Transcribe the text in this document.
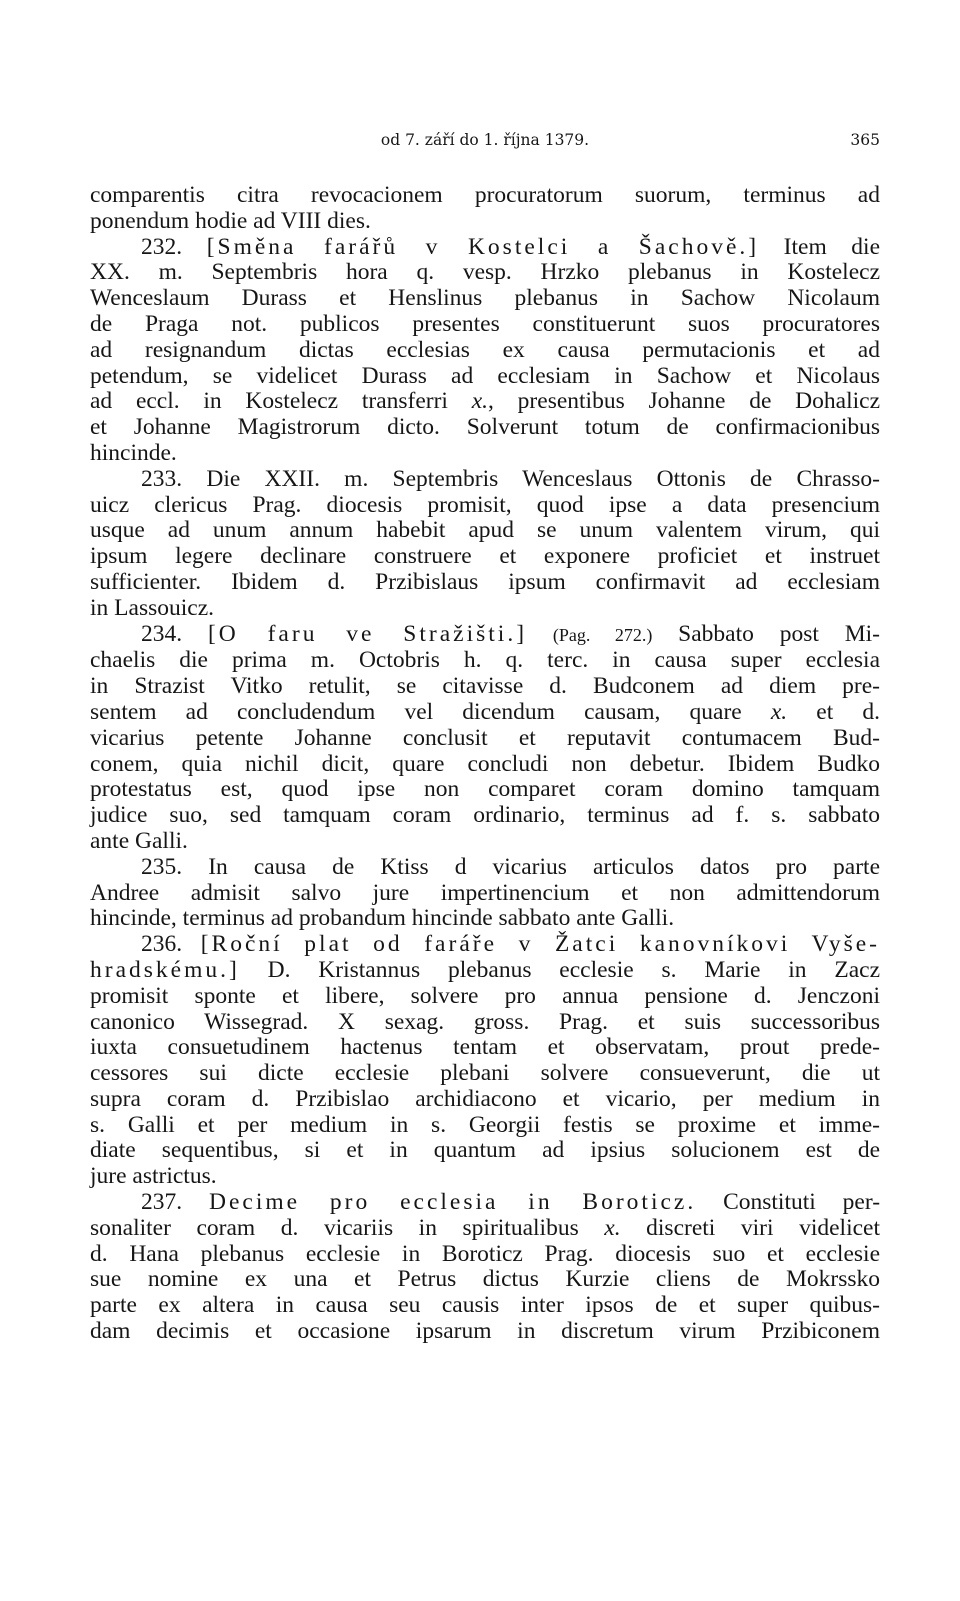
od 7. září do 1. října 1379.	365
comparentis citra revocacionem procuratorum suorum, terminus ad
ponendum hodie ad VIII dies.
232. [Směna farářů v Kostelci a Šachově.] Item die
XX. m. Septembris hora q. vesp. Hrzko plebanus in Kostelecz
Wenceslaum Durass et Henslinus plebanus in Sachow Nicolaum
de Praga not. publicos presentes constituerunt suos procuratores
ad resignandum dictas ecclesias ex causa permutacionis et ad
petendum, se videlicet Durass ad ecclesiam in Sachow et Nicolaus
ad eccl. in Kostelecz transferri x., presentibus Johanne de Dohalicz
et Johanne Magistrorum dicto. Solverunt totum de confirmacionibus
hincinde.
233. Die XXII. m. Septembris Wenceslaus Ottonis de Chrasso-
uicz clericus Prag. diocesis promisit, quod ipse a data presencium
usque ad unum annum habebit apud se unum valentem virum, qui
ipsum legere declinare construere et exponere proficiet et instruet
sufficienter. Ibidem d. Przibislaus ipsum confirmavit ad ecclesiam
in Lassouicz.
234. [O faru ve Stražišti.] (Pag. 272.) Sabbato post Mi-
chaelis die prima m. Octobris h. q. terc. in causa super ecclesia
in Strazist Vitko retulit, se citavisse d. Budconem ad diem pre-
sentem ad concludendum vel dicendum causam, quare x. et d.
vicarius petente Johanne conclusit et reputavit contumacem Bud-
conem, quia nichil dicit, quare concludi non debetur. Ibidem Budko
protestatus est, quod ipse non comparet coram domino tamquam
judice suo, sed tamquam coram ordinario, terminus ad f. s. sabbato
ante Galli.
235. In causa de Ktiss d vicarius articulos datos pro parte
Andree admisit salvo jure impertinencium et non admittendorum
hincinde, terminus ad probandum hincinde sabbato ante Galli.
236. [Roční plat od faráře v Žatci kanovníkovi Vyše-
hradskému.] D. Kristannus plebanus ecclesie s. Marie in Zacz
promisit sponte et libere, solvere pro annua pensione d. Jenczoni
canonico Wissegrad. X sexag. gross. Prag. et suis successoribus
iuxta consuetudinem hactenus tentam et observatam, prout prede-
cessores sui dicte ecclesie plebani solvere consueverunt, die ut
supra coram d. Przibislao archidiacono et vicario, per medium in
s. Galli et per medium in s. Georgii festis se proxime et imme-
diate sequentibus, si et in quantum ad ipsius solucionem est de
jure astrictus.
237. Decime pro ecclesia in Boroticz. Constituti per-
sonaliter coram d. vicariis in spiritualibus x. discreti viri videlicet
d. Hana plebanus ecclesie in Boroticz Prag. diocesis suo et ecclesie
sue nomine ex una et Petrus dictus Kurzie cliens de Mokrssko
parte ex altera in causa seu causis inter ipsos de et super quibus-
dam decimis et occasione ipsarum in discretum virum Przibiconem
